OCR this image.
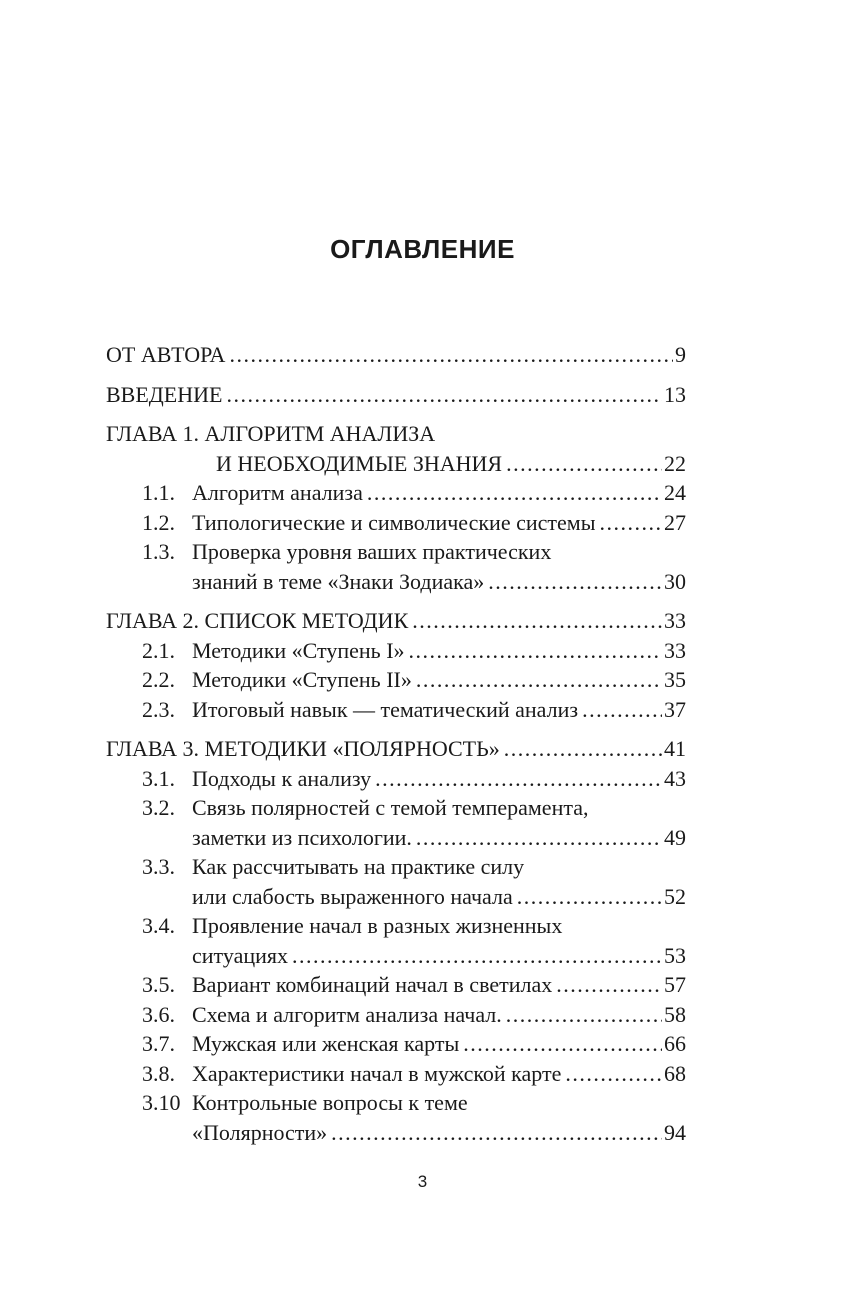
ОГЛАВЛЕНИЕ
ОТ АВТОРА . . .	9
ВВЕДЕНИЕ . . .	13
ГЛАВА 1. АЛГОРИТМ АНАЛИЗА
И НЕОБХОДИМЫЕ ЗНАНИЯ . . .	22
1.1. Алгоритм анализа . . .	24
1.2. Типологические и символические системы . . .	27
1.3. Проверка уровня ваших практических
знаний в теме «Знаки Зодиака» . . .	30
ГЛАВА 2. СПИСОК МЕТОДИК . . .	33
2.1. Методики «Ступень I» . . .	33
2.2. Методики «Ступень II» . . .	35
2.3. Итоговый навык — тематический анализ . . .	37
ГЛАВА 3. МЕТОДИКИ «ПОЛЯРНОСТЬ» . . .	41
3.1. Подходы к анализу . . .	43
3.2. Связь полярностей с темой темперамента,
заметки из психологии. . . .	49
3.3. Как рассчитывать на практике силу
или слабость выраженного начала . . .	52
3.4. Проявление начал в разных жизненных
ситуациях . . .	53
3.5. Вариант комбинаций начал в светилах . . .	57
3.6. Схема и алгоритм анализа начал. . . .	58
3.7. Мужская или женская карты . . .	66
3.8. Характеристики начал в мужской карте . . .	68
3.10 Контрольные вопросы к теме
«Полярности» . . .	94
3
